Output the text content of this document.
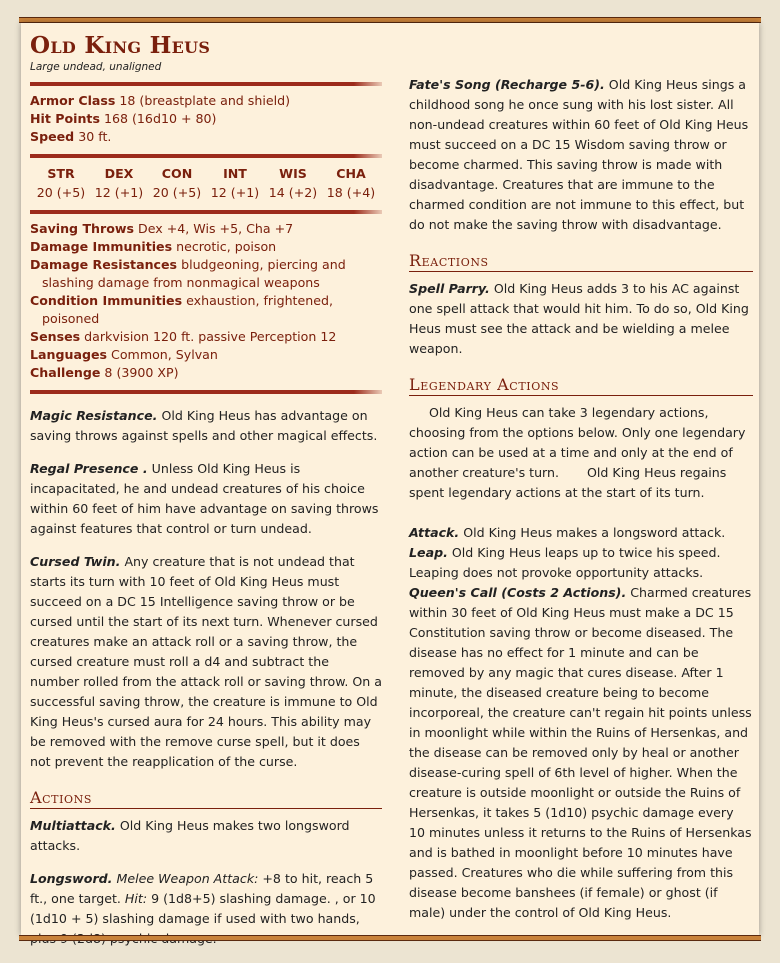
Old King Heus
Large undead, unaligned
Armor Class 18 (breastplate and shield)
Hit Points 168 (16d10 + 80)
Speed 30 ft.
STR	DEX	CON	INT	WIS	CHA
20 (+5) 12 (+1) 20 (+5) 12 (+1) 14 (+2) 18 (+4)
Saving Throws Dex +4, Wis +5, Cha +7
Damage Immunities necrotic, poison
Damage Resistances bludgeoning, piercing and slashing damage from nonmagical weapons
Condition Immunities exhaustion, frightened, poisoned
Senses darkvision 120 ft. passive Perception 12
Languages Common, Sylvan
Challenge 8 (3900 XP)

Magic Resistance. Old King Heus has advantage on saving throws against spells and other magical effects.

Regal Presence . Unless Old King Heus is incapacitated, he and undead creatures of his choice within 60 feet of him have advantage on saving throws against features that control or turn undead.

Cursed Twin. Any creature that is not undead that starts its turn with 10 feet of Old King Heus must succeed on a DC 15 Intelligence saving throw or be cursed until the start of its next turn. Whenever cursed creatures make an attack roll or a saving throw, the cursed creature must roll a d4 and subtract the number rolled from the attack roll or saving throw. On a successful saving throw, the creature is immune to Old King Heus's cursed aura for 24 hours. This ability may be removed with the remove curse spell, but it does not prevent the reapplication of the curse.

Actions

Multiattack. Old King Heus makes two longsword attacks.

Longsword. Melee Weapon Attack: +8 to hit, reach 5 ft., one target. Hit: 9 (1d8+5) slashing damage. , or 10 (1d10 + 5) slashing damage if used with two hands,

Fate's Song (Recharge 5-6). Old King Heus sings a childhood song he once sung with his lost sister. All non-undead creatures within 60 feet of Old King Heus must succeed on a DC 15 Wisdom saving throw or become charmed. This saving throw is made with disadvantage. Creatures that are immune to the charmed condition are not immune to this effect, but do not make the saving throw with disadvantage.

Reactions

Spell Parry. Old King Heus adds 3 to his AC against one spell attack that would hit him. To do so, Old King Heus must see the attack and be wielding a melee weapon.

Legendary Actions

Old King Heus can take 3 legendary actions, choosing from the options below. Only one legendary action can be used at a time and only at the end of another creature's turn.       Old King Heus regains spent legendary actions at the start of its turn.

Attack. Old King Heus makes a longsword attack.

Leap. Old King Heus leaps up to twice his speed. Leaping does not provoke opportunity attacks.

Queen's Call (Costs 2 Actions). Charmed creatures within 30 feet of Old King Heus must make a DC 15 Constitution saving throw or become diseased. The disease has no effect for 1 minute and can be removed by any magic that cures disease. After 1 minute, the diseased creature being to become incorporeal, the creature can't regain hit points unless in moonlight while within the Ruins of Hersenkas, and the disease can be removed only by heal or another disease-curing spell of 6th level of higher. When the creature is outside moonlight or outside the Ruins of Hersenkas, it takes 5 (1d10) psychic damage every 10 minutes unless it returns to the Ruins of Hersenkas and is bathed in moonlight before 10 minutes have passed. Creatures who die while suffering from this disease become banshees (if female) or ghost (if male) under the control of Old King Heus.
